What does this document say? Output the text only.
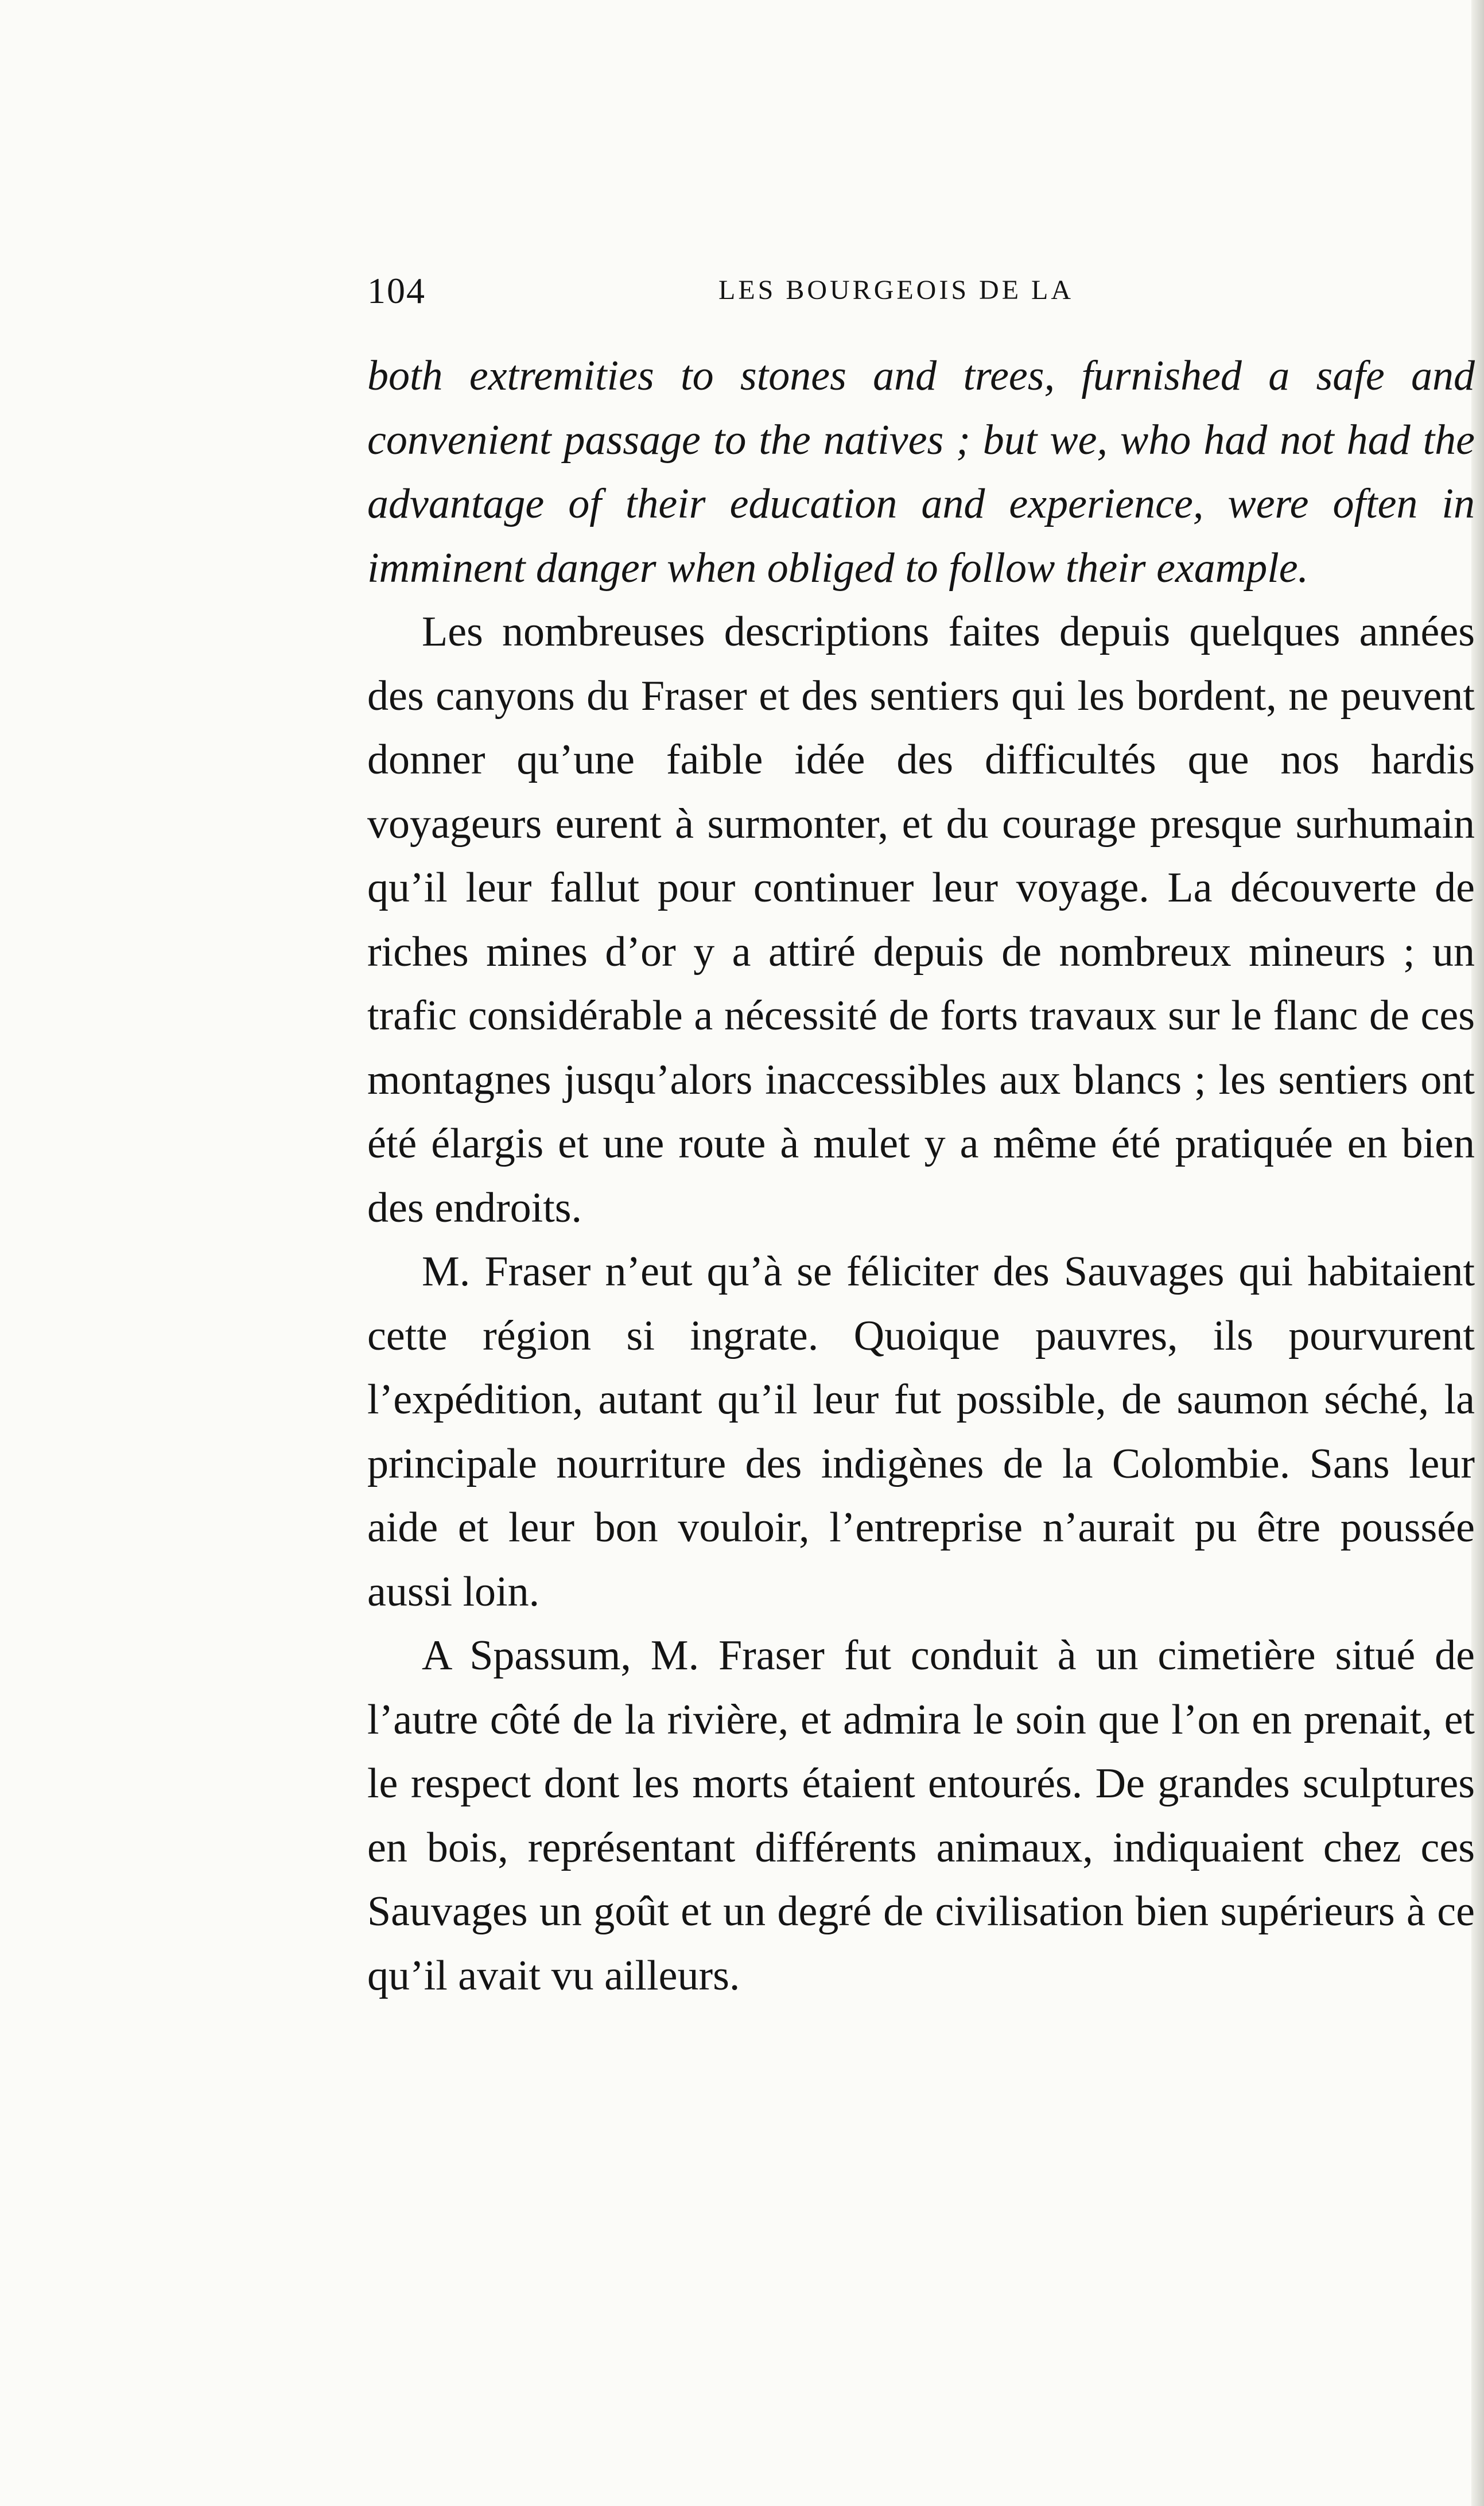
104	LES BOURGEOIS DE LA

both extremities to stones and trees, furnished a safe and convenient passage to the natives ; but we, who had not had the advantage of their education and experience, were often in imminent danger when obliged to follow their example.

Les nombreuses descriptions faites depuis quelques années des canyons du Fraser et des sentiers qui les bordent, ne peuvent donner qu’une faible idée des difficultés que nos hardis voyageurs eurent à surmonter, et du courage presque surhumain qu’il leur fallut pour continuer leur voyage. La découverte de riches mines d’or y a attiré depuis de nombreux mineurs ; un trafic considérable a nécessité de forts travaux sur le flanc de ces montagnes jusqu’alors inaccessibles aux blancs ; les sentiers ont été élargis et une route à mulet y a même été pratiquée en bien des endroits.

M. Fraser n’eut qu’à se féliciter des Sauvages qui habitaient cette région si ingrate. Quoique pauvres, ils pourvurent l’expédition, autant qu’il leur fut possible, de saumon séché, la principale nourriture des indigènes de la Colombie. Sans leur aide et leur bon vouloir, l’entreprise n’aurait pu être poussée aussi loin.

A Spassum, M. Fraser fut conduit à un cimetière situé de l’autre côté de la rivière, et admira le soin que l’on en prenait, et le respect dont les morts étaient entourés. De grandes sculptures en bois, représentant différents animaux, indiquaient chez ces Sauvages un goût et un degré de civilisation bien supérieurs à ce qu’il avait vu ailleurs.
